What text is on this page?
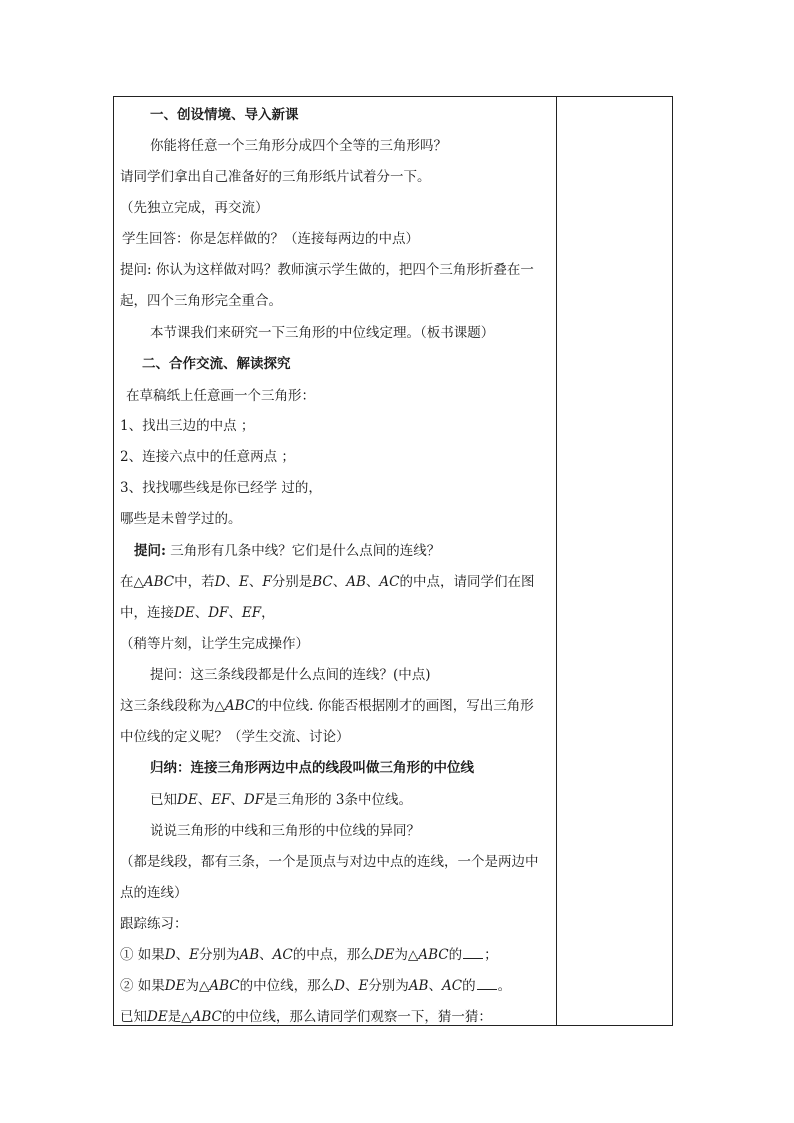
一、创设情境、导入新课
你能将任意一个三角形分成四个全等的三角形吗？
请同学们拿出自己准备好的三角形纸片试着分一下。
（先独立完成，再交流）
学生回答：你是怎样做的？（连接每两边的中点）
提问: 你认为这样做对吗？教师演示学生做的，把四个三角形折叠在一
起，四个三角形完全重合。
本节课我们来研究一下三角形的中位线定理。（板书课题）
二、合作交流、解读探究
在草稿纸上任意画一个三角形：
1、找出三边的中点 ；
2、连接六点中的任意两点 ；
3、找找哪些线是你已经学 过的，
哪些是未曾学过的。
提问: 三角形有几条中线？它们是什么点间的连线？
在△ABC中，若D、E、F分别是BC、AB、AC的中点，请同学们在图
中，连接DE、DF、EF，
（稍等片刻，让学生完成操作）
提问：这三条线段都是什么点间的连线？(中点)
这三条线段称为△ABC的中位线. 你能否根据刚才的画图，写出三角形
中位线的定义呢？（学生交流、讨论）
归纳：连接三角形两边中点的线段叫做三角形的中位线
已知DE、EF、DF是三角形的 3条中位线。
说说三角形的中线和三角形的中位线的异同？
（都是线段，都有三条，一个是顶点与对边中点的连线，一个是两边中
点的连线）
跟踪练习：
① 如果D、E分别为AB、AC的中点，那么DE为△ABC的 ；
② 如果DE为△ABC的中位线，那么D、E分别为AB、AC的 。
已知DE是△ABC的中位线，那么请同学们观察一下，猜一猜：
